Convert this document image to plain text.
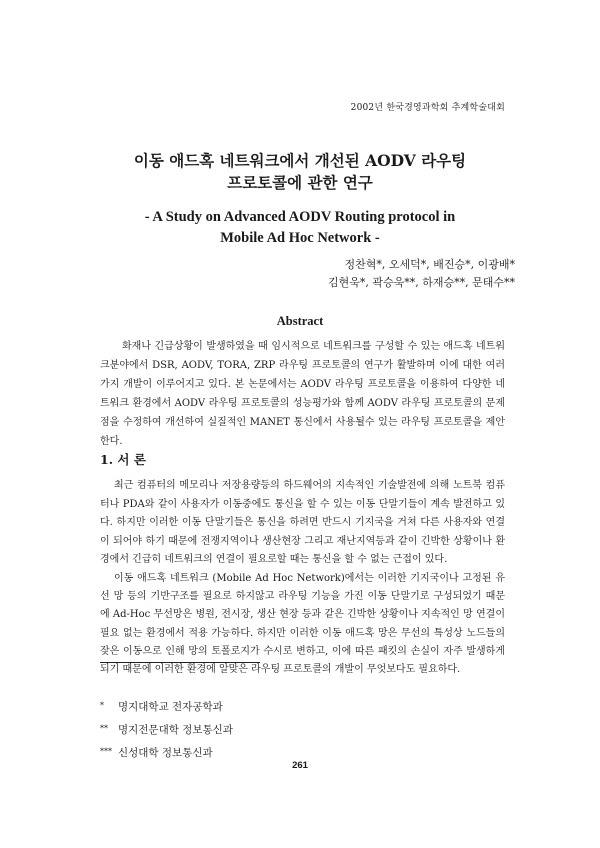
2002년 한국경영과학회 추계학술대회
이동 애드혹 네트워크에서 개선된 AODV 라우팅
프로토콜에 관한 연구
- A Study on Advanced AODV Routing protocol in
Mobile Ad Hoc Network -
정찬혁*, 오세덕*, 배진승*, 이광배*
김현욱*, 곽승욱**, 하재승**, 문태수**
Abstract

화재나 긴급상황이 발생하였을 때 임시적으로 네트워크를 구성할 수 있는 애드혹 네트워크분야에서 DSR, AODV, TORA, ZRP 라우팅 프로토콜의 연구가 활발하며 이에 대한 여러 가지 개발이 이루어지고 있다. 본 논문에서는 AODV 라우팅 프로토콜을 이용하여 다양한 네트워크 환경에서 AODV 라우팅 프로토콜의 성능평가와 함께 AODV 라우팅 프로토콜의 문제점을 수정하여 개선하여 실질적인 MANET 통신에서 사용될수 있는 라우팅 프로토콜을 제안한다.

1. 서 론

최근 컴퓨터의 메모리나 저장용량등의 하드웨어의 지속적인 기술발전에 의해 노트북 컴퓨터나 PDA와 같이 사용자가 이동중에도 통신을 할 수 있는 이동 단말기들이 계속 발전하고 있다. 하지만 이러한 이동 단말기들은 통신을 하려면 반드시 기지국을 거쳐 다른 사용자와 연결이 되어야 하기 때문에 전쟁지역이나 생산현장 그리고 재난지역등과 같이 긴박한 상황이나 환경에서 긴급히 네트워크의 연결이 필요로할 때는 통신을 할 수 없는 근접이 있다.

이동 애드혹 네트워크 (Mobile Ad Hoc Network)에서는 이러한 기지국이나 고정된 유선 망 등의 기반구조를 필요로 하지않고 라우팅 기능을 가진 이동 단말기로 구성되었기 때문에 Ad-Hoc 무선망은 병원, 전시장, 생산 현장 등과 같은 긴박한 상황이나 지속적인 망 연결이 필요 없는 환경에서 적용 가능하다. 하지만 이러한 이동 애드혹 망은 무선의 특성상 노드들의 잦은 이동으로 인해 망의 토폴로지가 수시로 변하고, 이에 따른 패킷의 손실이 자주 발생하게 되기 때문에 이러한 환경에 알맞은 라우팅 프로토콜의 개발이 무엇보다도 필요하다.

* 명지대학교 전자공학과
** 명지전문대학 정보통신과
*** 신성대학 정보통신과
261
